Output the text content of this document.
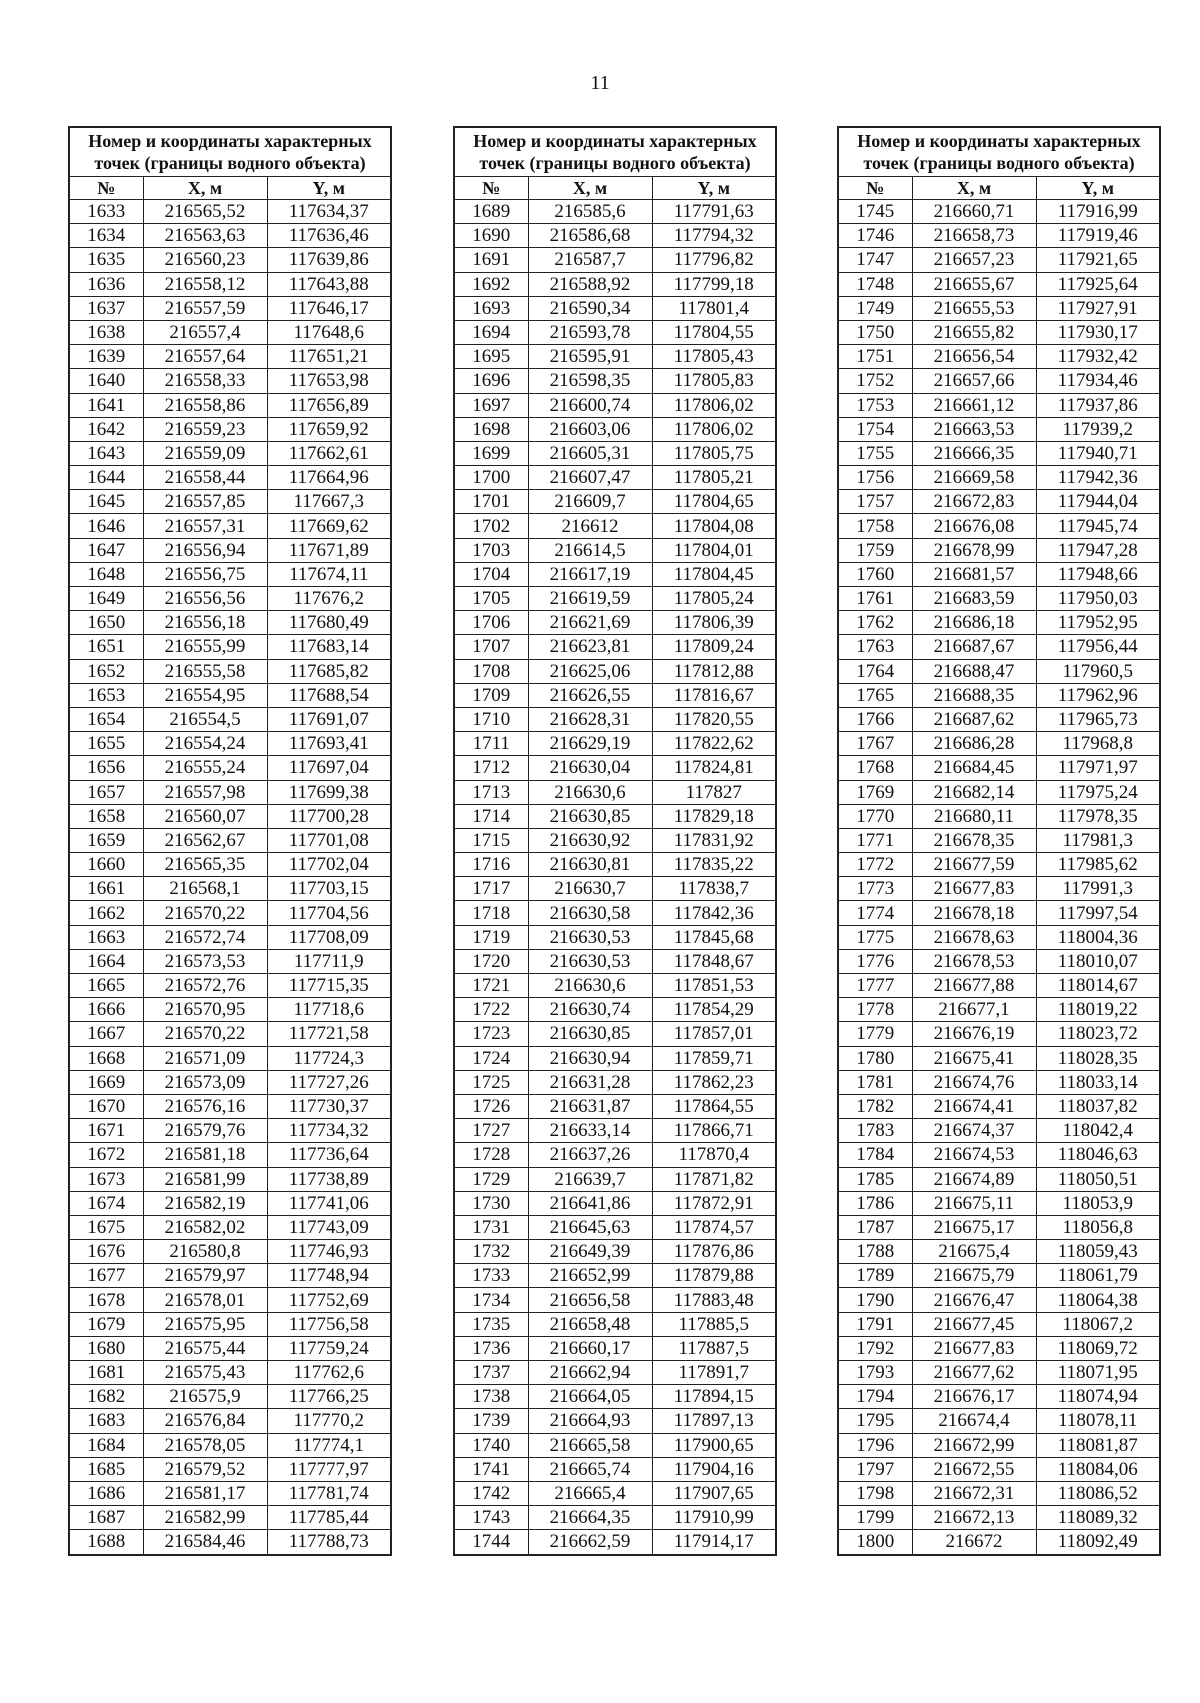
11
Номер и координаты характерных точек (границы водного объекта)		
№	X, м	Y, м
1633	216565,52	117634,37
1634	216563,63	117636,46
1635	216560,23	117639,86
1636	216558,12	117643,88
1637	216557,59	117646,17
1638	216557,4	117648,6
1639	216557,64	117651,21
1640	216558,33	117653,98
1641	216558,86	117656,89
1642	216559,23	117659,92
1643	216559,09	117662,61
1644	216558,44	117664,96
1645	216557,85	117667,3
1646	216557,31	117669,62
1647	216556,94	117671,89
1648	216556,75	117674,11
1649	216556,56	117676,2
1650	216556,18	117680,49
1651	216555,99	117683,14
1652	216555,58	117685,82
1653	216554,95	117688,54
1654	216554,5	117691,07
1655	216554,24	117693,41
1656	216555,24	117697,04
1657	216557,98	117699,38
1658	216560,07	117700,28
1659	216562,67	117701,08
1660	216565,35	117702,04
1661	216568,1	117703,15
1662	216570,22	117704,56
1663	216572,74	117708,09
1664	216573,53	117711,9
1665	216572,76	117715,35
1666	216570,95	117718,6
1667	216570,22	117721,58
1668	216571,09	117724,3
1669	216573,09	117727,26
1670	216576,16	117730,37
1671	216579,76	117734,32
1672	216581,18	117736,64
1673	216581,99	117738,89
1674	216582,19	117741,06
1675	216582,02	117743,09
1676	216580,8	117746,93
1677	216579,97	117748,94
1678	216578,01	117752,69
1679	216575,95	117756,58
1680	216575,44	117759,24
1681	216575,43	117762,6
1682	216575,9	117766,25
1683	216576,84	117770,2
1684	216578,05	117774,1
1685	216579,52	117777,97
1686	216581,17	117781,74
1687	216582,99	117785,44
1688	216584,46	117788,73
Номер и координаты характерных точек (границы водного объекта)		
№	X, м	Y, м
1689	216585,6	117791,63
1690	216586,68	117794,32
1691	216587,7	117796,82
1692	216588,92	117799,18
1693	216590,34	117801,4
1694	216593,78	117804,55
1695	216595,91	117805,43
1696	216598,35	117805,83
1697	216600,74	117806,02
1698	216603,06	117806,02
1699	216605,31	117805,75
1700	216607,47	117805,21
1701	216609,7	117804,65
1702	216612	117804,08
1703	216614,5	117804,01
1704	216617,19	117804,45
1705	216619,59	117805,24
1706	216621,69	117806,39
1707	216623,81	117809,24
1708	216625,06	117812,88
1709	216626,55	117816,67
1710	216628,31	117820,55
1711	216629,19	117822,62
1712	216630,04	117824,81
1713	216630,6	117827
1714	216630,85	117829,18
1715	216630,92	117831,92
1716	216630,81	117835,22
1717	216630,7	117838,7
1718	216630,58	117842,36
1719	216630,53	117845,68
1720	216630,53	117848,67
1721	216630,6	117851,53
1722	216630,74	117854,29
1723	216630,85	117857,01
1724	216630,94	117859,71
1725	216631,28	117862,23
1726	216631,87	117864,55
1727	216633,14	117866,71
1728	216637,26	117870,4
1729	216639,7	117871,82
1730	216641,86	117872,91
1731	216645,63	117874,57
1732	216649,39	117876,86
1733	216652,99	117879,88
1734	216656,58	117883,48
1735	216658,48	117885,5
1736	216660,17	117887,5
1737	216662,94	117891,7
1738	216664,05	117894,15
1739	216664,93	117897,13
1740	216665,58	117900,65
1741	216665,74	117904,16
1742	216665,4	117907,65
1743	216664,35	117910,99
1744	216662,59	117914,17
Номер и координаты характерных точек (границы водного объекта)		
№	X, м	Y, м
1745	216660,71	117916,99
1746	216658,73	117919,46
1747	216657,23	117921,65
1748	216655,67	117925,64
1749	216655,53	117927,91
1750	216655,82	117930,17
1751	216656,54	117932,42
1752	216657,66	117934,46
1753	216661,12	117937,86
1754	216663,53	117939,2
1755	216666,35	117940,71
1756	216669,58	117942,36
1757	216672,83	117944,04
1758	216676,08	117945,74
1759	216678,99	117947,28
1760	216681,57	117948,66
1761	216683,59	117950,03
1762	216686,18	117952,95
1763	216687,67	117956,44
1764	216688,47	117960,5
1765	216688,35	117962,96
1766	216687,62	117965,73
1767	216686,28	117968,8
1768	216684,45	117971,97
1769	216682,14	117975,24
1770	216680,11	117978,35
1771	216678,35	117981,3
1772	216677,59	117985,62
1773	216677,83	117991,3
1774	216678,18	117997,54
1775	216678,63	118004,36
1776	216678,53	118010,07
1777	216677,88	118014,67
1778	216677,1	118019,22
1779	216676,19	118023,72
1780	216675,41	118028,35
1781	216674,76	118033,14
1782	216674,41	118037,82
1783	216674,37	118042,4
1784	216674,53	118046,63
1785	216674,89	118050,51
1786	216675,11	118053,9
1787	216675,17	118056,8
1788	216675,4	118059,43
1789	216675,79	118061,79
1790	216676,47	118064,38
1791	216677,45	118067,2
1792	216677,83	118069,72
1793	216677,62	118071,95
1794	216676,17	118074,94
1795	216674,4	118078,11
1796	216672,99	118081,87
1797	216672,55	118084,06
1798	216672,31	118086,52
1799	216672,13	118089,32
1800	216672	118092,49
